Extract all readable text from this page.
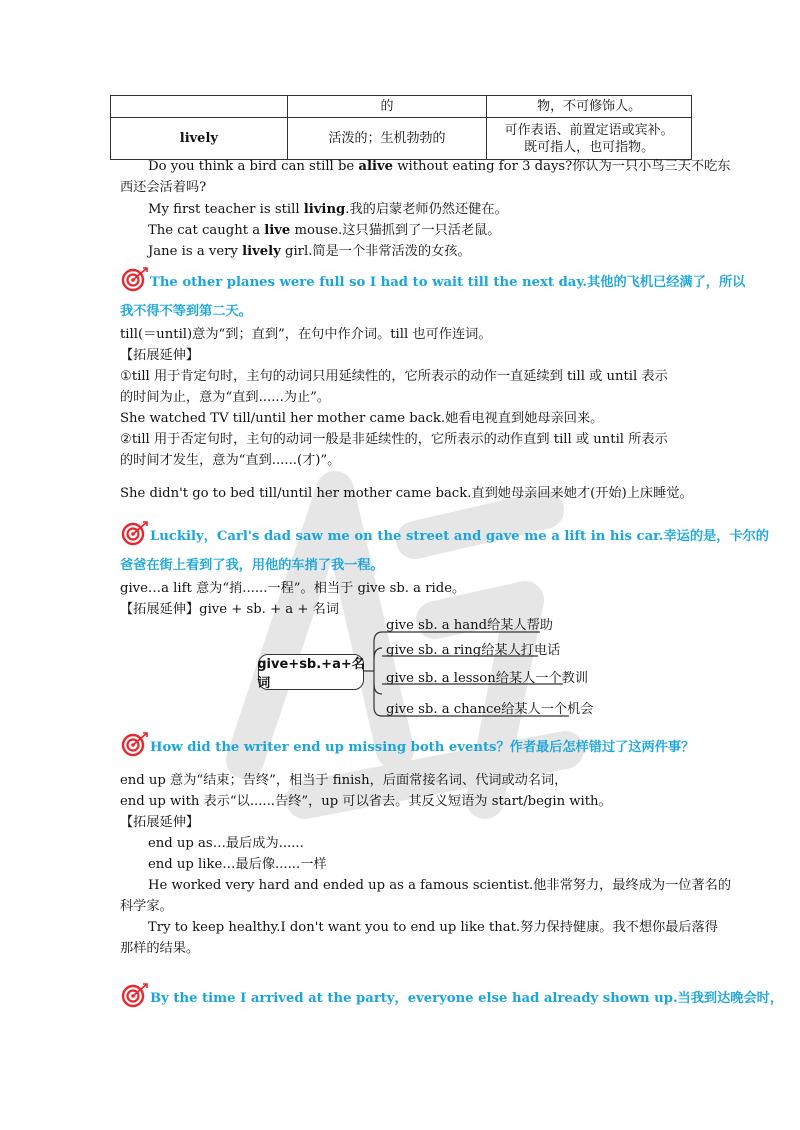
	的	物，不可修饰人。
lively	活泼的；生机勃勃的	可作表语、前置定语或宾补。
既可指人，也可指物。
Do you think a bird can still be alive without eating for 3 days?你认为一只小鸟三天不吃东
西还会活着吗?
My first teacher is still living.我的启蒙老师仍然还健在。
The cat caught a live mouse.这只猫抓到了一只活老鼠。
Jane is a very lively girl.简是一个非常活泼的女孩。
The other planes were full so I had to wait till the next day.其他的飞机已经满了，所以
我不得不等到第二天。
till(＝until)意为“到；直到”，在句中作介词。till 也可作连词。
【拓展延伸】
①till 用于肯定句时，主句的动词只用延续性的，它所表示的动作一直延续到 till 或 until 表示
的时间为止，意为“直到......为止”。
She watched TV till/until her mother came back.她看电视直到她母亲回来。
②till 用于否定句时，主句的动词一般是非延续性的，它所表示的动作直到 till 或 until 所表示
的时间才发生，意为“直到......(才)”。
She didn't go to bed till/until her mother came back.直到她母亲回来她才(开始)上床睡觉。
Luckily，Carl's dad saw me on the street and gave me a lift in his car.幸运的是，卡尔的
爸爸在街上看到了我，用他的车捎了我一程。
give…a lift 意为“捎......一程”。相当于 give sb. a ride。
【拓展延伸】give + sb. + a + 名词
give+sb.+a+名词
give sb. a hand给某人帮助
give sb. a ring给某人打电话
give sb. a lesson给某人一个教训
give sb. a chance给某人一个机会
How did the writer end up missing both events？作者最后怎样错过了这两件事？
end up 意为“结束；告终”，相当于 finish，后面常接名词、代词或动名词，
end up with 表示“以......告终”，up 可以省去。其反义短语为 start/begin with。
【拓展延伸】
end up as…最后成为......
end up like…最后像......一样
He worked very hard and ended up as a famous scientist.他非常努力，最终成为一位著名的
科学家。
Try to keep healthy.I don't want you to end up like that.努力保持健康。我不想你最后落得
那样的结果。
By the time I arrived at the party，everyone else had already shown up.当我到达晚会时，
